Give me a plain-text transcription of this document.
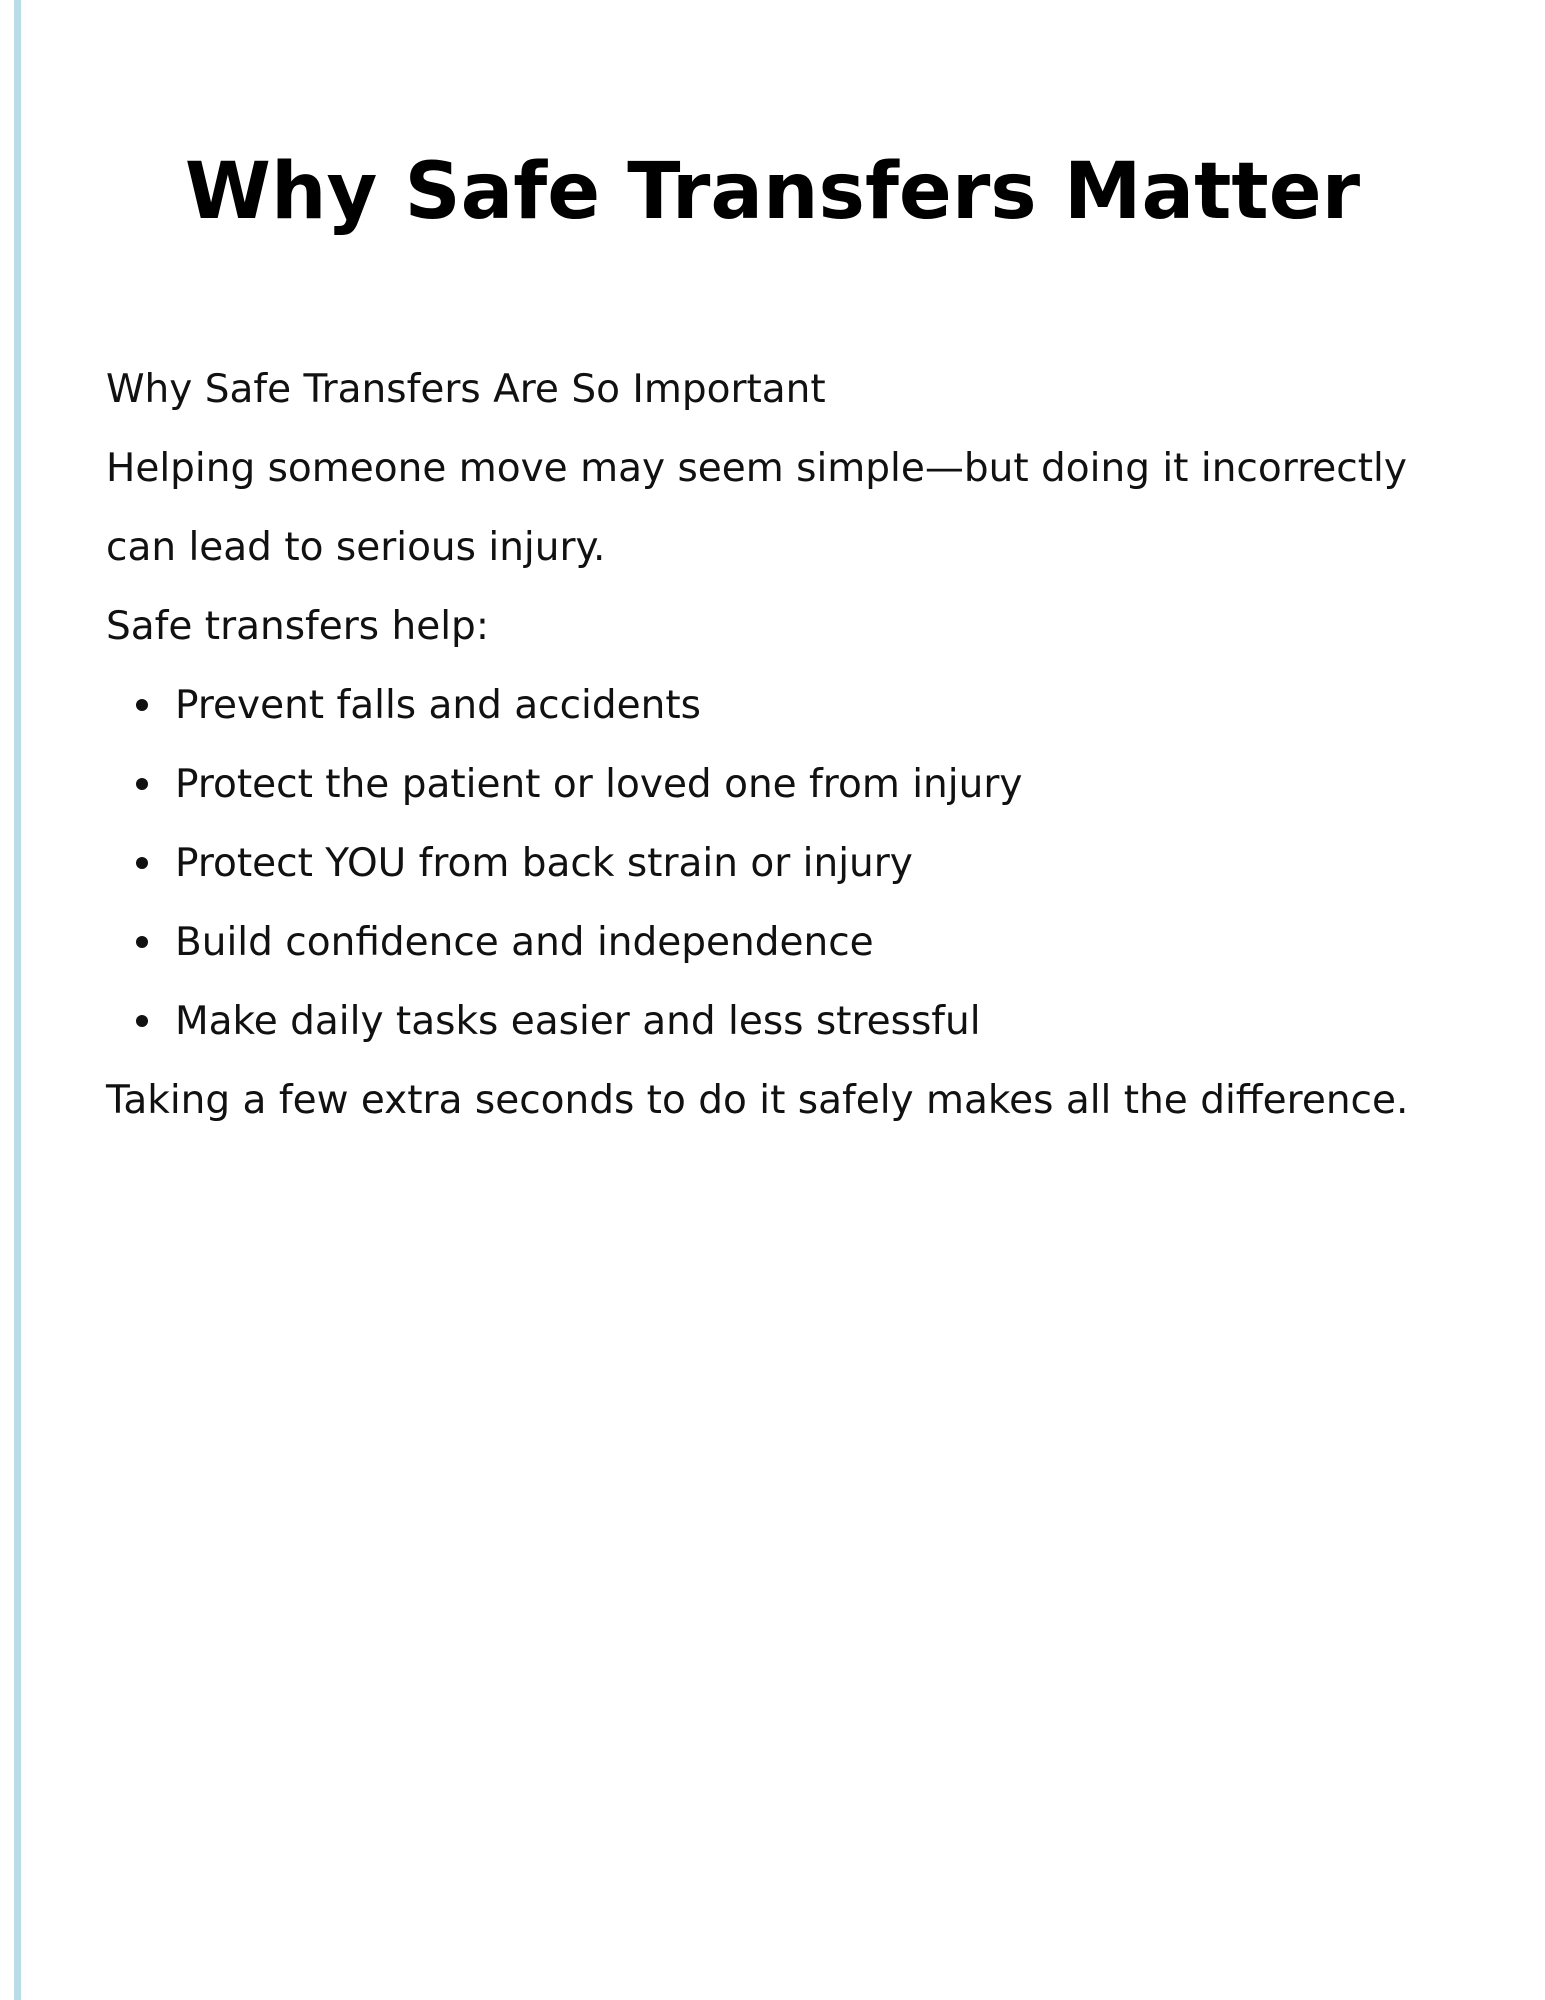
Why Safe Transfers Matter

Why Safe Transfers Are So Important

Helping someone move may seem simple—but doing it incorrectly can lead to serious injury.

Safe transfers help:

Prevent falls and accidents
Protect the patient or loved one from injury
Protect YOU from back strain or injury
Build confidence and independence
Make daily tasks easier and less stressful

Taking a few extra seconds to do it safely makes all the difference.
